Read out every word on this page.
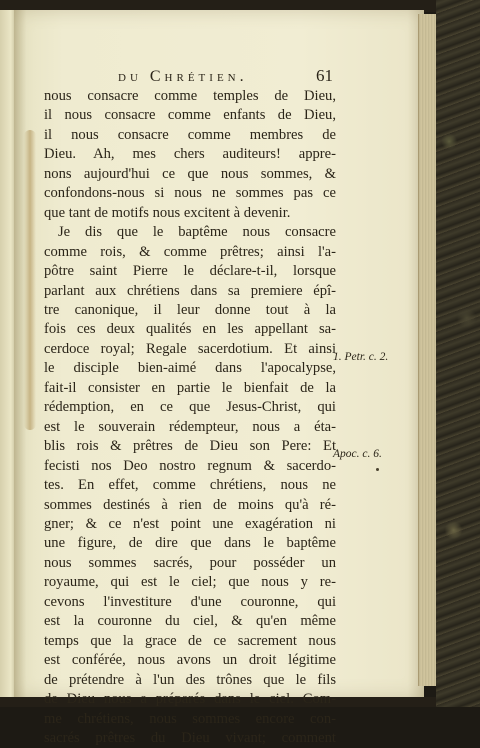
du Chrétien.	61
nous consacre comme temples de Dieu,
il nous consacre comme enfants de Dieu,
il nous consacre comme membres de
Dieu. Ah, mes chers auditeurs! appre-
nons aujourd'hui ce que nous sommes, &
confondons-nous si nous ne sommes pas ce
que tant de motifs nous excitent à devenir.
Je dis que le baptême nous consacre
comme rois, & comme prêtres; ainsi l'a-
pôtre saint Pierre le déclare-t-il, lorsque
parlant aux chrétiens dans sa premiere épî-
tre canonique, il leur donne tout à la
fois ces deux qualités en les appellant sa-
cerdoce royal; Regale sacerdotium. Et ainsi
le disciple bien-aimé dans l'apocalypse,
fait-il consister en partie le bienfait de la
rédemption, en ce que Jesus-Christ, qui
est le souverain rédempteur, nous a éta-
blis rois & prêtres de Dieu son Pere: Et
fecisti nos Deo nostro regnum & sacerdo-
tes. En effet, comme chrétiens, nous ne
sommes destinés à rien de moins qu'à ré-
gner; & ce n'est point une exagération ni
une figure, de dire que dans le baptême
nous sommes sacrés, pour posséder un
royaume, qui est le ciel; que nous y re-
cevons l'investiture d'une couronne, qui
est la couronne du ciel, & qu'en même
temps que la grace de ce sacrement nous
est conférée, nous avons un droit légitime
de prétendre à l'un des trônes que le fils
de Dieu nous a préparés dans le ciel. Com-
me chrétiens, nous sommes encore con-
sacrés prêtres du Dieu vivant; comment
1. Petr. c. 2.
Apoc. c. 6.
